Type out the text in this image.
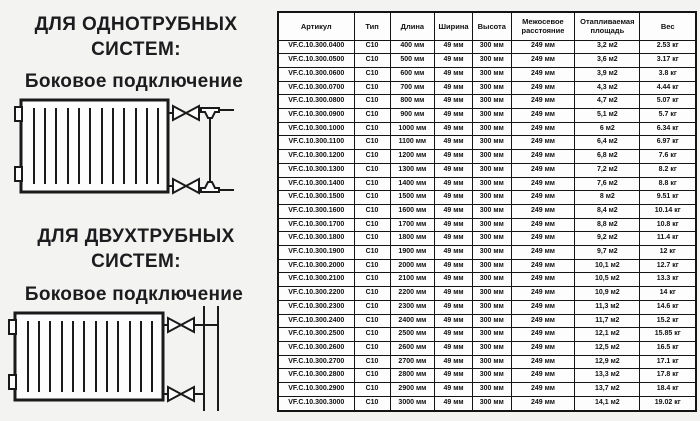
ДЛЯ ОДНОТРУБНЫХ СИСТЕМ:
Боковое подключение
ДЛЯ ДВУХТРУБНЫХ СИСТЕМ:
Боковое подключение
Артикул	Тип	Длина	Ширина	Высота	Межосевое расстояние	Отапливаемая площадь	Вес
VF.C.10.300.0400	C10	400 мм	49 мм	300 мм	249 мм	3,2 м2	2.53 кг
VF.C.10.300.0500	C10	500 мм	49 мм	300 мм	249 мм	3,6 м2	3.17 кг
VF.C.10.300.0600	C10	600 мм	49 мм	300 мм	249 мм	3,9 м2	3.8 кг
VF.C.10.300.0700	C10	700 мм	49 мм	300 мм	249 мм	4,3 м2	4.44 кг
VF.C.10.300.0800	C10	800 мм	49 мм	300 мм	249 мм	4,7 м2	5.07 кг
VF.C.10.300.0900	C10	900 мм	49 мм	300 мм	249 мм	5,1 м2	5.7 кг
VF.C.10.300.1000	C10	1000 мм	49 мм	300 мм	249 мм	6 м2	6.34 кг
VF.C.10.300.1100	C10	1100 мм	49 мм	300 мм	249 мм	6,4 м2	6.97 кг
VF.C.10.300.1200	C10	1200 мм	49 мм	300 мм	249 мм	6,8 м2	7.6 кг
VF.C.10.300.1300	C10	1300 мм	49 мм	300 мм	249 мм	7,2 м2	8.2 кг
VF.C.10.300.1400	C10	1400 мм	49 мм	300 мм	249 мм	7,6 м2	8.8 кг
VF.C.10.300.1500	C10	1500 мм	49 мм	300 мм	249 мм	8 м2	9.51 кг
VF.C.10.300.1600	C10	1600 мм	49 мм	300 мм	249 мм	8,4 м2	10.14 кг
VF.C.10.300.1700	C10	1700 мм	49 мм	300 мм	249 мм	8,8 м2	10.8 кг
VF.C.10.300.1800	C10	1800 мм	49 мм	300 мм	249 мм	9,2 м2	11.4 кг
VF.C.10.300.1900	C10	1900 мм	49 мм	300 мм	249 мм	9,7 м2	12 кг
VF.C.10.300.2000	C10	2000 мм	49 мм	300 мм	249 мм	10,1 м2	12.7 кг
VF.C.10.300.2100	C10	2100 мм	49 мм	300 мм	249 мм	10,5 м2	13.3 кг
VF.C.10.300.2200	C10	2200 мм	49 мм	300 мм	249 мм	10,9 м2	14 кг
VF.C.10.300.2300	C10	2300 мм	49 мм	300 мм	249 мм	11,3 м2	14.6 кг
VF.C.10.300.2400	C10	2400 мм	49 мм	300 мм	249 мм	11,7 м2	15.2 кг
VF.C.10.300.2500	C10	2500 мм	49 мм	300 мм	249 мм	12,1 м2	15.85 кг
VF.C.10.300.2600	C10	2600 мм	49 мм	300 мм	249 мм	12,5 м2	16.5 кг
VF.C.10.300.2700	C10	2700 мм	49 мм	300 мм	249 мм	12,9 м2	17.1 кг
VF.C.10.300.2800	C10	2800 мм	49 мм	300 мм	249 мм	13,3 м2	17.8 кг
VF.C.10.300.2900	C10	2900 мм	49 мм	300 мм	249 мм	13,7 м2	18.4 кг
VF.C.10.300.3000	C10	3000 мм	49 мм	300 мм	249 мм	14,1 м2	19.02 кг
